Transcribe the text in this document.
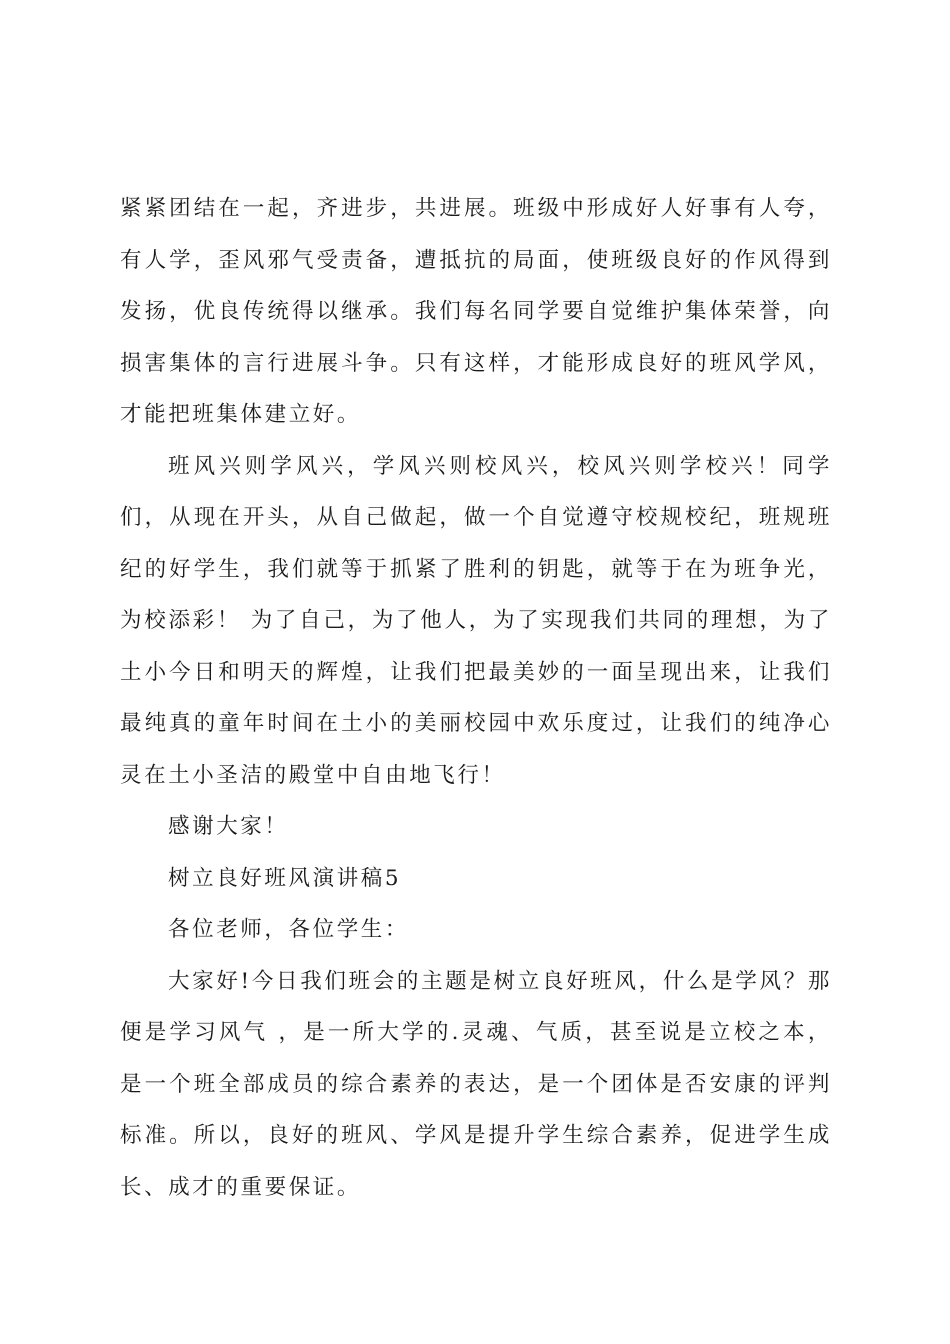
紧紧团结在一起，齐进步，共进展。班级中形成好人好事有人夸，有人学，歪风邪气受责备，遭抵抗的局面，使班级良好的作风得到发扬，优良传统得以继承。我们每名同学要自觉维护集体荣誉，向损害集体的言行进展斗争。只有这样，才能形成良好的班风学风，才能把班集体建立好。

班风兴则学风兴，学风兴则校风兴，校风兴则学校兴！同学们，从现在开头，从自己做起，做一个自觉遵守校规校纪，班规班纪的好学生，我们就等于抓紧了胜利的钥匙，就等于在为班争光，为校添彩！ 为了自己，为了他人，为了实现我们共同的理想，为了土小今日和明天的辉煌，让我们把最美妙的一面呈现出来，让我们最纯真的童年时间在土小的美丽校园中欢乐度过，让我们的纯净心灵在土小圣洁的殿堂中自由地飞行！

感谢大家！

树立良好班风演讲稿5

各位老师，各位学生：

大家好!今日我们班会的主题是树立良好班风，什么是学风？那便是学习风气 ，是一所大学的.灵魂、气质，甚至说是立校之本，是一个班全部成员的综合素养的表达，是一个团体是否安康的评判标准。所以，良好的班风、学风是提升学生综合素养，促进学生成长、成才的重要保证。
